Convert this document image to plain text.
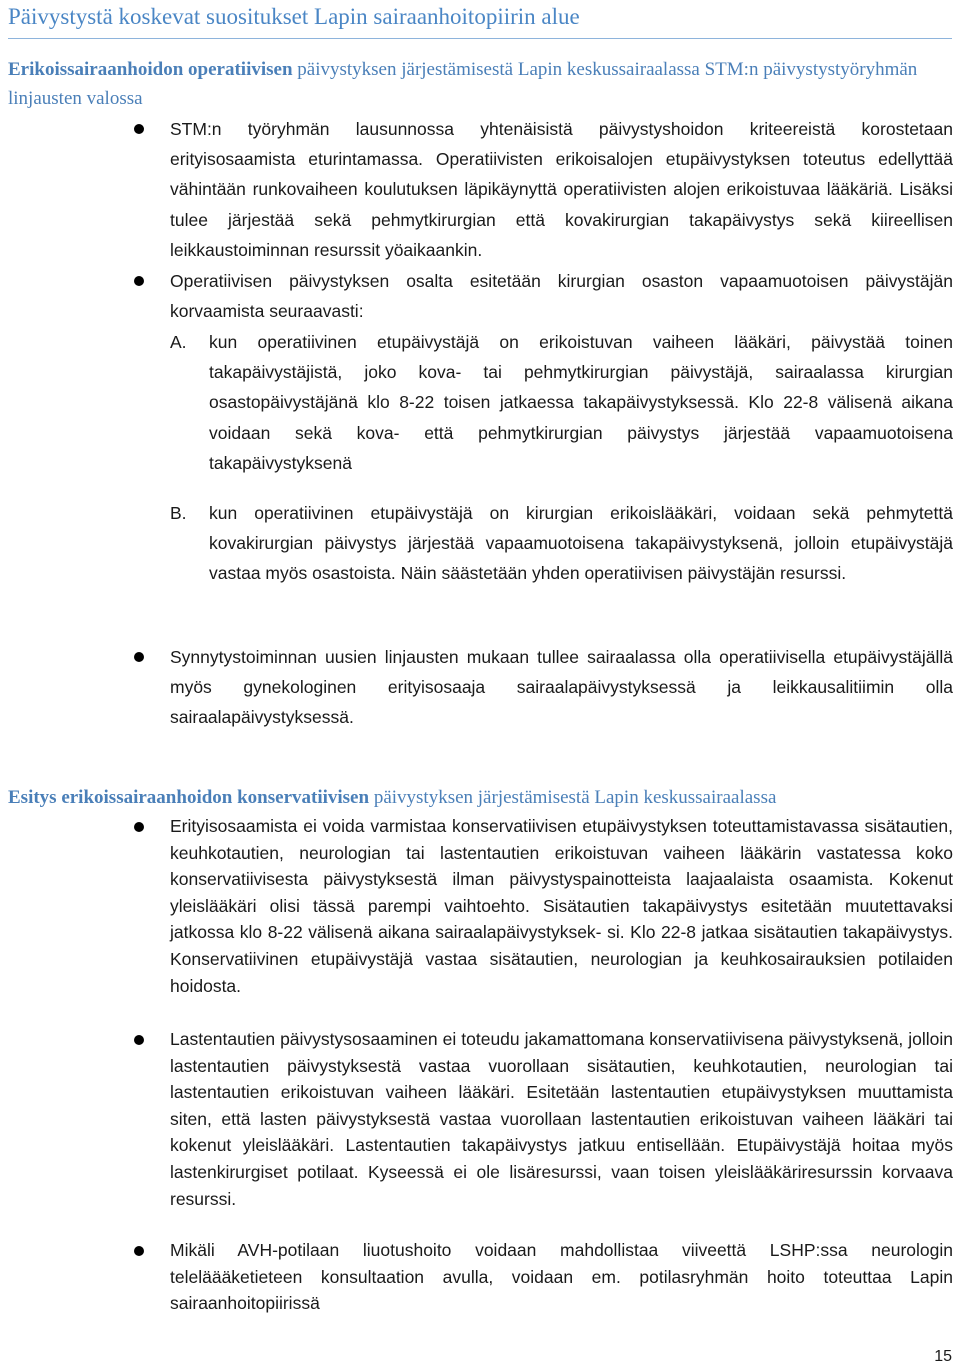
Päivystystä koskevat suositukset Lapin sairaanhoitopiirin alue
Erikoissairaanhoidon operatiivisen päivystyksen järjestämisestä Lapin keskussairaalassa STM:n päivystystyöryhmän linjausten valossa
STM:n työryhmän lausunnossa yhtenäisistä päivystyshoidon kriteereistä korostetaan erityisosaamista eturintamassa. Operatiivisten erikoisalojen etupäivystyksen toteutus edellyttää vähintään runkovaiheen koulutuksen läpikäynyttä operatiivisten alojen erikoistuvaa lääkäriä. Lisäksi tulee järjestää sekä pehmytkirurgian että kovakirurgian takapäivystys sekä kiireellisen leikkaustoiminnan resurssit yöaikaankin.
Operatiivisen päivystyksen osalta esitetään kirurgian osaston vapaamuotoisen päivystäjän korvaamista seuraavasti:
A. kun operatiivinen etupäivystäjä on erikoistuvan vaiheen lääkäri, päivystää toinen takapäivystäjistä, joko kova- tai pehmytkirurgian päivystäjä, sairaalassa kirurgian osastopäivystäjänä klo 8-22 toisen jatkaessa takapäivystyksessä. Klo 22-8 välisenä aikana voidaan sekä kova- että pehmytkirurgian päivystys järjestää vapaamuotoisena takapäivystyksenä
B. kun operatiivinen etupäivystäjä on kirurgian erikoislääkäri, voidaan sekä pehmytettä kovakirurgian päivystys järjestää vapaamuotoisena takapäivystyksenä, jolloin etupäivystäjä vastaa myös osastoista. Näin säästetään yhden operatiivisen päivystäjän resurssi.
Synnytystoiminnan uusien linjausten mukaan tullee sairaalassa olla operatiivisella etupäivystäjällä myös gynekologinen erityisosaaja sairaalapäivystyksessä ja leikkausalitiimin olla sairaalapäivystyksessä.
Esitys erikoissairaanhoidon konservatiivisen päivystyksen järjestämisestä Lapin keskussairaalassa
Erityisosaamista ei voida varmistaa konservatiivisen etupäivystyksen toteuttamistavassa sisätautien, keuhkotautien, neurologian tai lastentautien erikoistuvan vaiheen lääkärin vastatessa koko konservatiivisesta päivystyksestä ilman päivystyspainotteista laajaalaista osaamista. Kokenut yleislääkäri olisi tässä parempi vaihtoehto. Sisätautien takapäivystys esitetään muutettavaksi jatkossa klo 8-22 välisenä aikana sairaalapäivystyksek- si. Klo 22-8 jatkaa sisätautien takapäivystys. Konservatiivinen etupäivystäjä vastaa sisätautien, neurologian ja keuhkosairauksien potilaiden hoidosta.
Lastentautien päivystysosaaminen ei toteudu jakamattomana konservatiivisena päivystyksenä, jolloin lastentautien päivystyksestä vastaa vuorollaan sisätautien, keuhkotautien, neurologian tai lastentautien erikoistuvan vaiheen lääkäri. Esitetään lastentautien etupäivystyksen muuttamista siten, että lasten päivystyksestä vastaa vuorollaan lastentautien erikoistuvan vaiheen lääkäri tai kokenut yleislääkäri. Lastentautien takapäivystys jatkuu entisellään. Etupäivystäjä hoitaa myös lastenkirurgiset potilaat. Kyseessä ei ole lisäresurssi, vaan toisen yleislääkäriresurssin korvaava resurssi.
Mikäli AVH-potilaan liuotushoito voidaan mahdollistaa viiveettä LSHP:ssa neurologin teleläääketieteen konsultaation avulla, voidaan em. potilasryhmän hoito toteuttaa Lapin sairaanhoitopiirissä
15
